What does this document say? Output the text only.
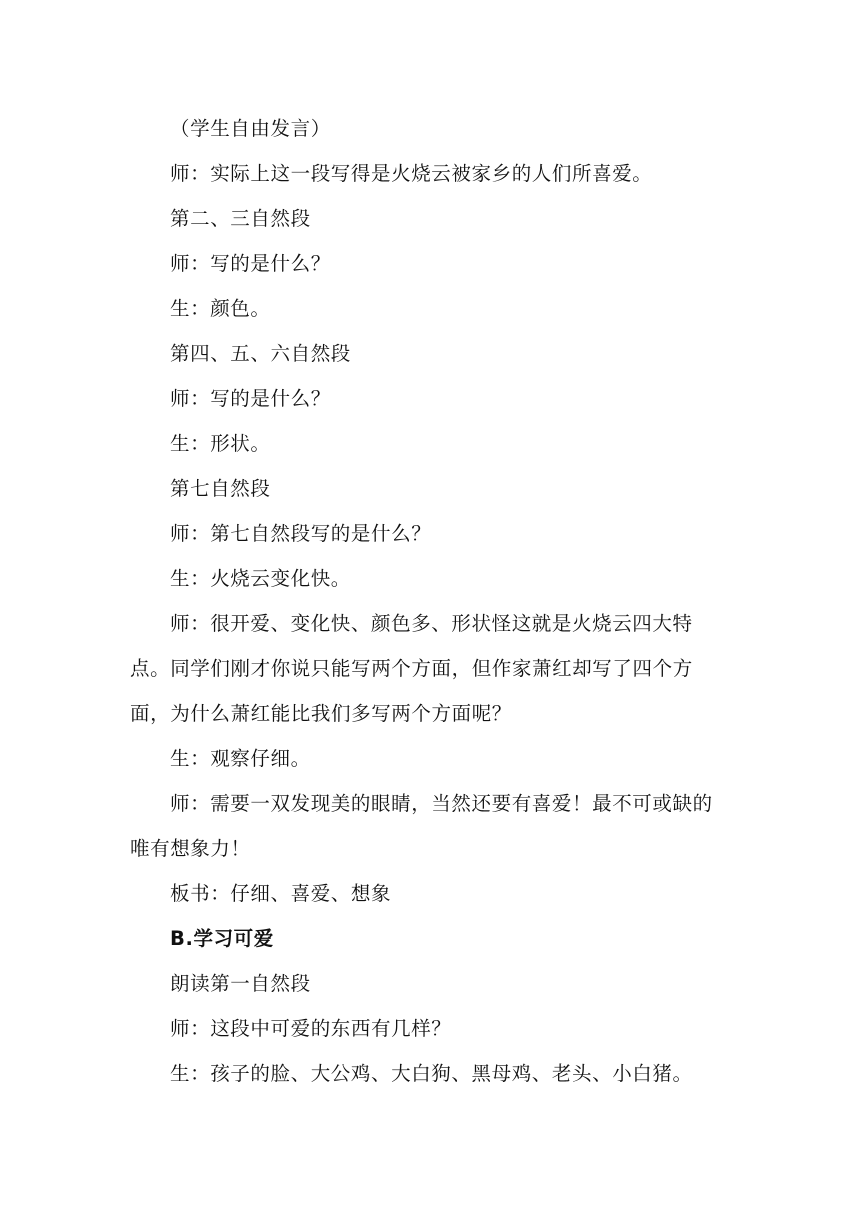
（学生自由发言）

师：实际上这一段写得是火烧云被家乡的人们所喜爱。

第二、三自然段

师：写的是什么？

生：颜色。

第四、五、六自然段

师：写的是什么？

生：形状。

第七自然段

师：第七自然段写的是什么？

生：火烧云变化快。

师：很开爱、变化快、颜色多、形状怪这就是火烧云四大特点。同学们刚才你说只能写两个方面，但作家萧红却写了四个方面，为什么萧红能比我们多写两个方面呢？

生：观察仔细。

师：需要一双发现美的眼睛，当然还要有喜爱！最不可或缺的唯有想象力！

板书：仔细、喜爱、想象

B.学习可爱

朗读第一自然段

师：这段中可爱的东西有几样？

生：孩子的脸、大公鸡、大白狗、黑母鸡、老头、小白猪。
